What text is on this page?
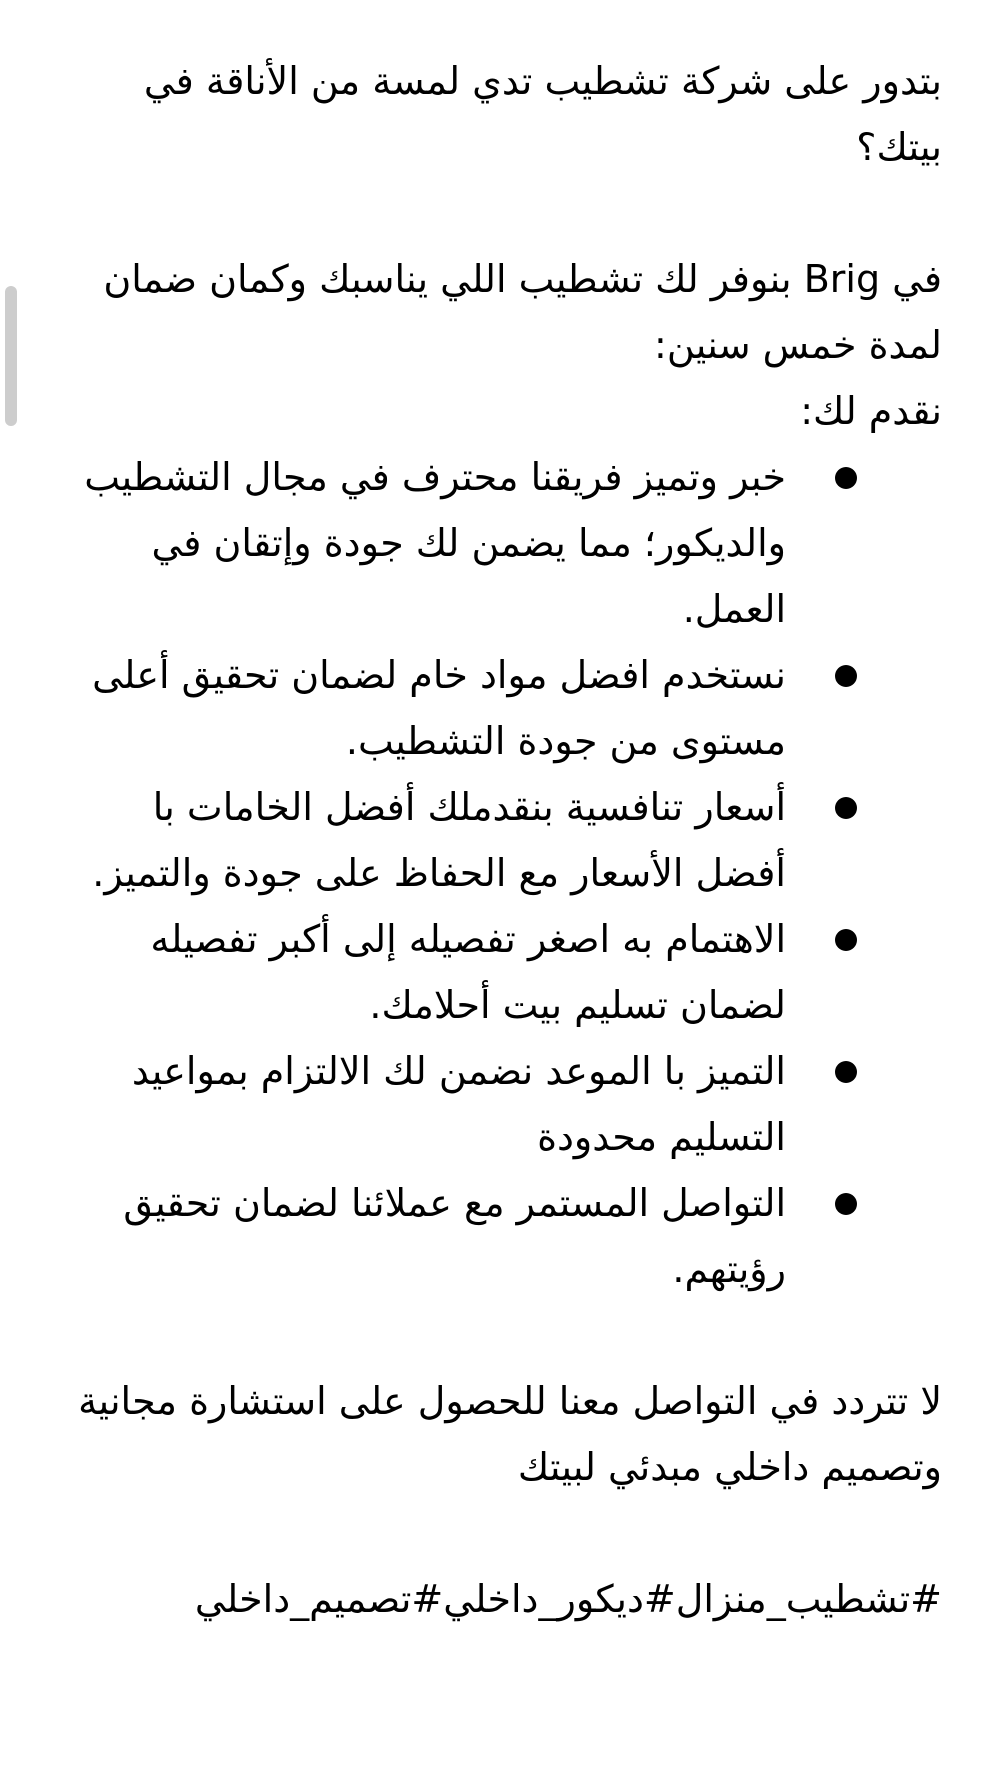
بتدور على شركة تشطيب تدي لمسة من الأناقة في بيتك؟

في Brig بنوفر لك تشطيب اللي يناسبك وكمان ضمان لمدة خمس سنين:

نقدم لك:

خبر وتميز فريقنا محترف في مجال التشطيب والديكور؛ مما يضمن لك جودة وإتقان في العمل.
نستخدم افضل مواد خام لضمان تحقيق أعلى مستوى من جودة التشطيب.
أسعار تنافسية بنقدملك أفضل الخامات با أفضل الأسعار مع الحفاظ على جودة والتميز.
الاهتمام به اصغر تفصيله إلى أكبر تفصيله لضمان تسليم بيت أحلامك.
التميز با الموعد نضمن لك الالتزام بمواعيد التسليم محدودة
التواصل المستمر مع عملائنا لضمان تحقيق رؤيتهم.

لا تتردد في التواصل معنا للحصول على استشارة مجانية وتصميم داخلي مبدئي لبيتك

#تشطيب_منزال#ديكور_داخلي#تصميم_داخلي
